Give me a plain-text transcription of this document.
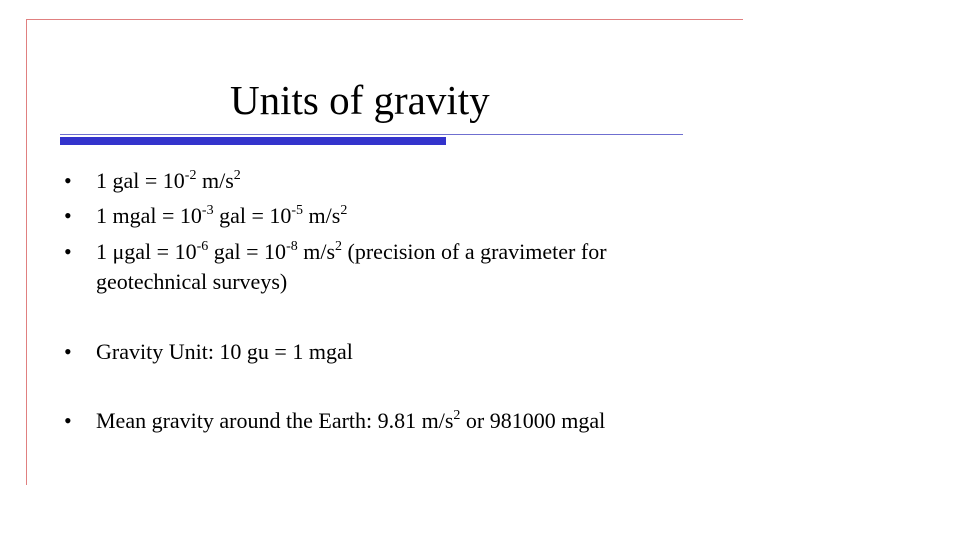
Units of gravity
•	1 gal = $10^{-2}$ $m/s^2$
•	1 mgal = $10^{-3}$ gal = $10^{-5}$ $m/s^2$
•	1 $\mu gal = 10^{-6}$ gal = $10^{-8}$ $m/s^2$ (precision of a gravimeter for geotechnical surveys)
•	Gravity Unit: 10 gu = 1 mgal
•	Mean gravity around the Earth: 9.81 $m/s^2$ or 981000 mgal
